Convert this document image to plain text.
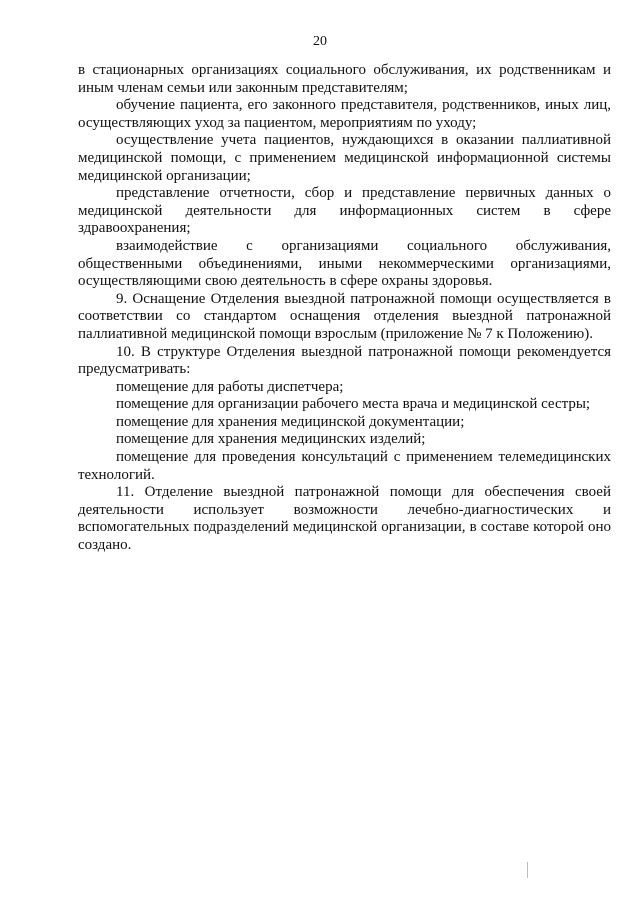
20

в стационарных организациях социального обслуживания, их родственникам и иным членам семьи или законным представителям;

обучение пациента, его законного представителя, родственников, иных лиц, осуществляющих уход за пациентом, мероприятиям по уходу;

осуществление учета пациентов, нуждающихся в оказании паллиативной медицинской помощи, с применением медицинской информационной системы медицинской организации;

представление отчетности, сбор и представление первичных данных о медицинской деятельности для информационных систем в сфере здравоохранения;

взаимодействие с организациями социального обслуживания, общественными объединениями, иными некоммерческими организациями, осуществляющими свою деятельность в сфере охраны здоровья.

9. Оснащение Отделения выездной патронажной помощи осуществляется в соответствии со стандартом оснащения отделения выездной патронажной паллиативной медицинской помощи взрослым (приложение № 7 к Положению).

10. В структуре Отделения выездной патронажной помощи рекомендуется предусматривать:

помещение для работы диспетчера;

помещение для организации рабочего места врача и медицинской сестры;

помещение для хранения медицинской документации;

помещение для хранения медицинских изделий;

помещение для проведения консультаций с применением телемедицинских технологий.

11. Отделение выездной патронажной помощи для обеспечения своей деятельности использует возможности лечебно-диагностических и вспомогательных подразделений медицинской организации, в составе которой оно создано.
